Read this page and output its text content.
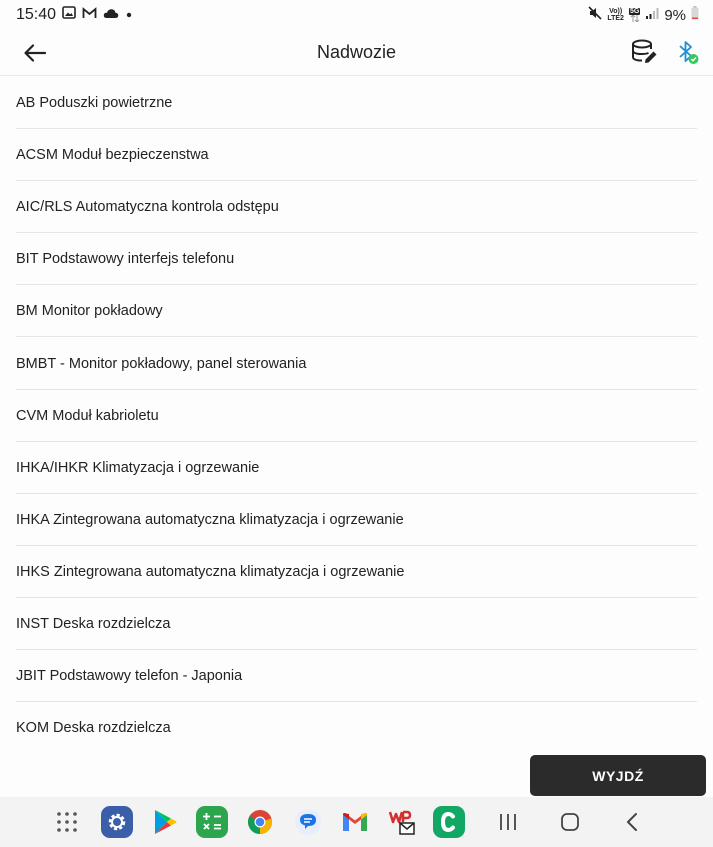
15:40	Vo))
LTE2
5G 9%
Nadwozie
AB Poduszki powietrzne
ACSM Moduł bezpieczenstwa
AIC/RLS Automatyczna kontrola odstępu
BIT Podstawowy interfejs telefonu
BM Monitor pokładowy
BMBT - Monitor pokładowy, panel sterowania
CVM Moduł kabrioletu
IHKA/IHKR Klimatyzacja i ogrzewanie
IHKA Zintegrowana automatyczna klimatyzacja i ogrzewanie
IHKS Zintegrowana automatyczna klimatyzacja i ogrzewanie
INST Deska rozdzielcza
JBIT Podstawowy telefon - Japonia
KOM Deska rozdzielcza
WYJDŹ
